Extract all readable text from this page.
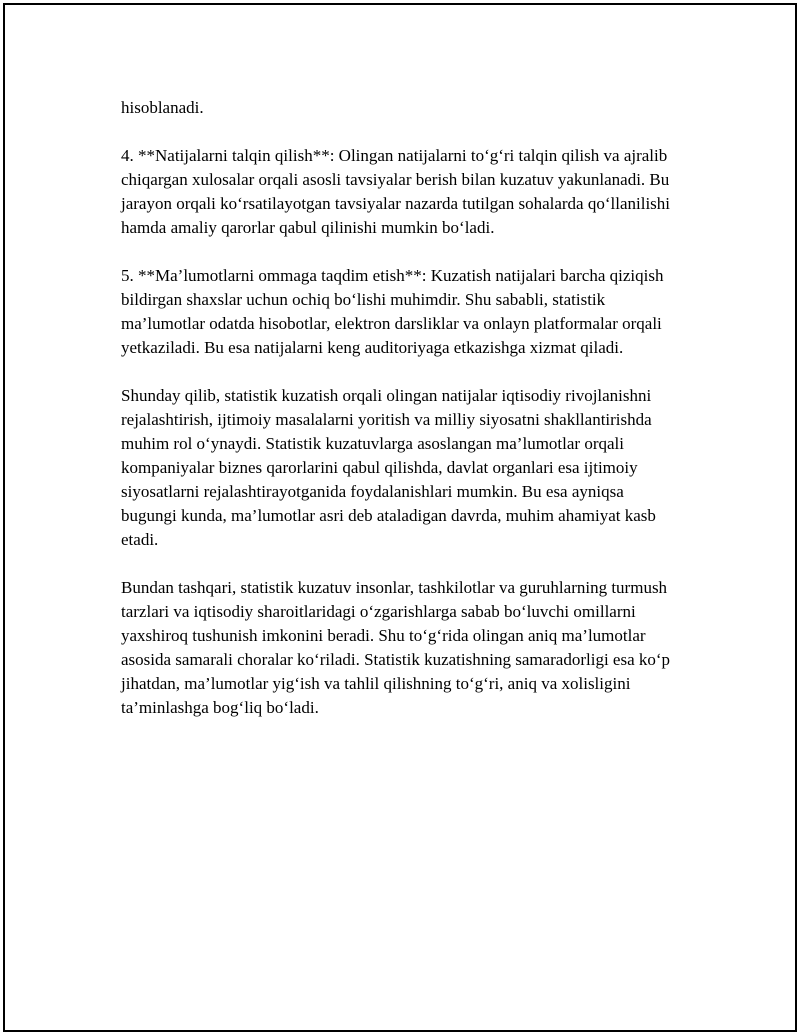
hisoblanadi.

4. **Natijalarni talqin qilish**: Olingan natijalarni to‘g‘ri talqin qilish va ajralib chiqargan xulosalar orqali asosli tavsiyalar berish bilan kuzatuv yakunlanadi. Bu jarayon orqali ko‘rsatilayotgan tavsiyalar nazarda tutilgan sohalarda qo‘llanilishi hamda amaliy qarorlar qabul qilinishi mumkin bo‘ladi.

5. **Ma’lumotlarni ommaga taqdim etish**: Kuzatish natijalari barcha qiziqish bildirgan shaxslar uchun ochiq bo‘lishi muhimdir. Shu sababli, statistik ma’lumotlar odatda hisobotlar, elektron darsliklar va onlayn platformalar orqali yetkaziladi. Bu esa natijalarni keng auditoriyaga etkazishga xizmat qiladi.

Shunday qilib, statistik kuzatish orqali olingan natijalar iqtisodiy rivojlanishni rejalashtirish, ijtimoiy masalalarni yoritish va milliy siyosatni shakllantirishda muhim rol o‘ynaydi. Statistik kuzatuvlarga asoslangan ma’lumotlar orqali kompaniyalar biznes qarorlarini qabul qilishda, davlat organlari esa ijtimoiy siyosatlarni rejalashtirayotganida foydalanishlari mumkin. Bu esa ayniqsa bugungi kunda, ma’lumotlar asri deb ataladigan davrda, muhim ahamiyat kasb etadi.

Bundan tashqari, statistik kuzatuv insonlar, tashkilotlar va guruhlarning turmush tarzlari va iqtisodiy sharoitlaridagi o‘zgarishlarga sabab bo‘luvchi omillarni yaxshiroq tushunish imkonini beradi. Shu to‘g‘rida olingan aniq ma’lumotlar asosida samarali choralar ko‘riladi. Statistik kuzatishning samaradorligi esa ko‘p jihatdan, ma’lumotlar yig‘ish va tahlil qilishning to‘g‘ri, aniq va xolisligini ta’minlashga bog‘liq bo‘ladi.
